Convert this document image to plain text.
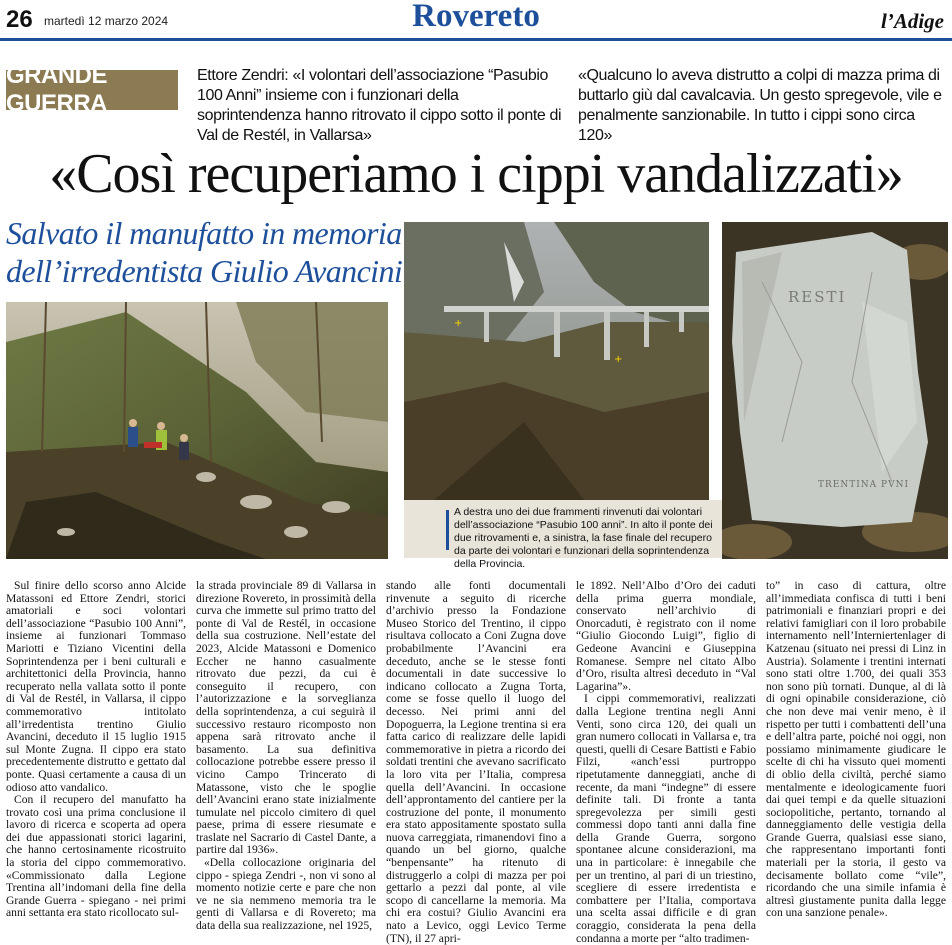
26 martedì 12 marzo 2024	Rovereto	l’Adige
GRANDE GUERRA
Ettore Zendri: «I volontari dell’associazione “Pasubio 100 Anni” insieme con i funzionari della soprintendenza hanno ritrovato il cippo sotto il ponte di Val de Restél, in Vallarsa»
«Qualcuno lo aveva distrutto a colpi di mazza prima di buttarlo giù dal cavalcavia. Un gesto spregevole, vile e penalmente sanzionabile. In tutto i cippi sono circa 120»
«Così recuperiamo i cippi vandalizzati»
Salvato il manufatto in memoria
dell’irredentista Giulio Avancini
+
+
RESTI
TRENTINA PVNI
A destra uno dei due frammenti rinvenuti dai volontari dell’associazione “Pasubio 100 anni”. In alto il ponte dei due ritrovamenti e, a sinistra, la fase finale del recupero da parte dei volontari e funzionari della soprintendenza della Provincia.

Sul finire dello scorso anno Alcide Matassoni ed Ettore Zendri, storici amatoriali e soci volontari dell’associazione “Pasubio 100 Anni”, insieme ai funzionari Tommaso Mariotti e Tiziano Vicentini della Soprintendenza per i beni culturali e architettonici della Provincia, hanno recuperato nella vallata sotto il ponte di Val de Restél, in Vallarsa, il cippo commemorativo intitolato all’irredentista trentino Giulio Avancini, deceduto il 15 luglio 1915 sul Monte Zugna. Il cippo era stato precedentemente distrutto e gettato dal ponte. Quasi certamente a causa di un odioso atto vandalico.

Con il recupero del manufatto ha trovato così una prima conclusione il lavoro di ricerca e scoperta ad opera dei due appassionati storici lagarini, che hanno certosinamente ricostruito la storia del cippo commemorativo. «Commissionato dalla Legione Trentina all’indomani della fine della Grande Guerra - spiegano - nei primi anni settanta era stato ricollocato sul-

la strada provinciale 89 di Vallarsa in direzione Rovereto, in prossimità della curva che immette sul primo tratto del ponte di Val de Restél, in occasione della sua costruzione. Nell’estate del 2023, Alcide Matassoni e Domenico Eccher ne hanno casualmente ritrovato due pezzi, da cui è conseguito il recupero, con l’autorizzazione e la sorveglianza della soprintendenza, a cui seguirà il successivo restauro ricomposto non appena sarà ritrovato anche il basamento. La sua definitiva collocazione potrebbe essere presso il vicino Campo Trincerato di Matassone, visto che le spoglie dell’Avancini erano state inizialmente tumulate nel piccolo cimitero di quel paese, prima di essere riesumate e traslate nel Sacrario di Castel Dante, a partire dal 1936».

«Della collocazione originaria del cippo - spiega Zendri -, non vi sono al momento notizie certe e pare che non ve ne sia nemmeno memoria tra le genti di Vallarsa e di Rovereto; ma data della sua realizzazione, nel 1925,

stando alle fonti documentali rinvenute a seguito di ricerche d’archivio presso la Fondazione Museo Storico del Trentino, il cippo risultava collocato a Coni Zugna dove probabilmente l’Avancini era deceduto, anche se le stesse fonti documentali in date successive lo indicano collocato a Zugna Torta, come se fosse quello il luogo del decesso. Nei primi anni del Dopoguerra, la Legione trentina si era fatta carico di realizzare delle lapidi commemorative in pietra a ricordo dei soldati trentini che avevano sacrificato la loro vita per l’Italia, compresa quella dell’Avancini. In occasione dell’approntamento del cantiere per la costruzione del ponte, il monumento era stato appositamente spostato sulla nuova carreggiata, rimanendovi fino a quando un bel giorno, qualche “benpensante” ha ritenuto di distruggerlo a colpi di mazza per poi gettarlo a pezzi dal ponte, al vile scopo di cancellarne la memoria. Ma chi era costui? Giulio Avancini era nato a Levico, oggi Levico Terme (TN), il 27 apri-

le 1892. Nell’Albo d’Oro dei caduti della prima guerra mondiale, conservato nell’archivio di Onorcaduti, è registrato con il nome “Giulio Giocondo Luigi”, figlio di Gedeone Avancini e Giuseppina Romanese. Sempre nel citato Albo d’Oro, risulta altresì deceduto in “Val Lagarina”».

I cippi commemorativi, realizzati dalla Legione trentina negli Anni Venti, sono circa 120, dei quali un gran numero collocati in Vallarsa e, tra questi, quelli di Cesare Battisti e Fabio Filzi, «anch’essi purtroppo ripetutamente danneggiati, anche di recente, da mani “indegne” di essere definite tali. Di fronte a tanta spregevolezza per simili gesti commessi dopo tanti anni dalla fine della Grande Guerra, sorgono spontanee alcune considerazioni, ma una in particolare: è innegabile che per un trentino, al pari di un triestino, scegliere di essere irredentista e combattere per l’Italia, comportava una scelta assai difficile e di gran coraggio, considerata la pena della condanna a morte per “alto tradimen-

to” in caso di cattura, oltre all’immediata confisca di tutti i beni patrimoniali e finanziari propri e dei relativi famigliari con il loro probabile internamento nell’Interniertenlager di Katzenau (situato nei pressi di Linz in Austria). Solamente i trentini internati sono stati oltre 1.700, dei quali 353 non sono più tornati. Dunque, al di là di ogni opinabile considerazione, ciò che non deve mai venir meno, è il rispetto per tutti i combattenti dell’una e dell’altra parte, poiché noi oggi, non possiamo minimamente giudicare le scelte di chi ha vissuto quei momenti di oblio della civiltà, perché siamo mentalmente e ideologicamente fuori dai quei tempi e da quelle situazioni sociopolitiche, pertanto, tornando al danneggiamento delle vestigia della Grande Guerra, qualsiasi esse siano, che rappresentano importanti fonti materiali per la storia, il gesto va decisamente bollato come “vile”, ricordando che una simile infamia è altresì giustamente punita dalla legge con una sanzione penale».
